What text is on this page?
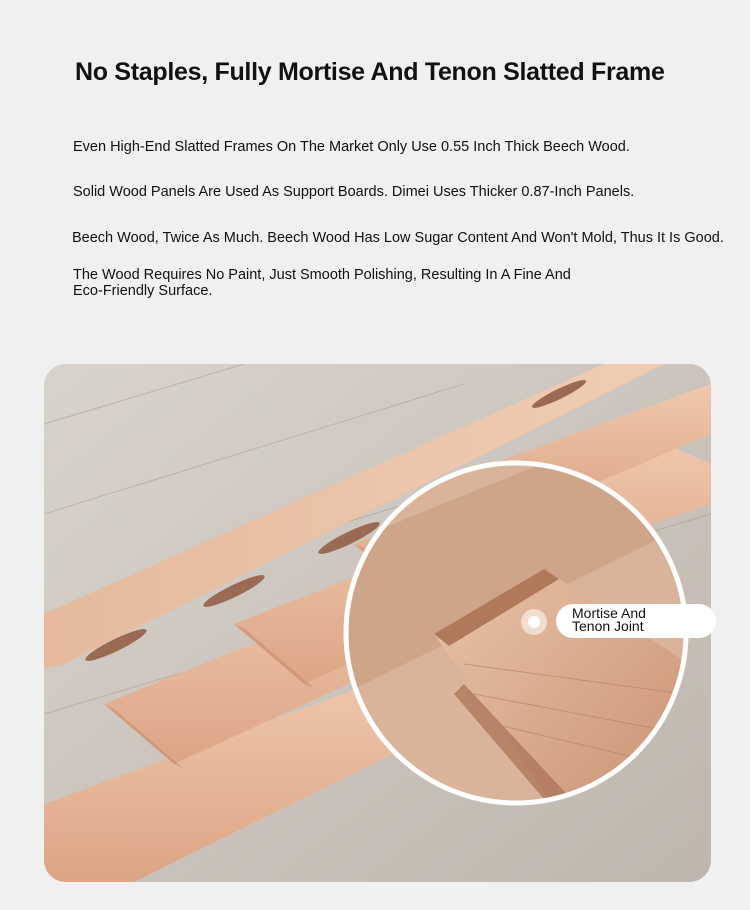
No Staples, Fully Mortise And Tenon Slatted Frame
Even High-End Slatted Frames On The Market Only Use 0.55 Inch Thick Beech Wood.
Solid Wood Panels Are Used As Support Boards. Dimei Uses Thicker 0.87-Inch Panels.
Beech Wood, Twice As Much. Beech Wood Has Low Sugar Content And Won't Mold, Thus It Is Good.
The Wood Requires No Paint, Just Smooth Polishing, Resulting In A Fine And
Eco-Friendly Surface.
Mortise And
Tenon Joint
